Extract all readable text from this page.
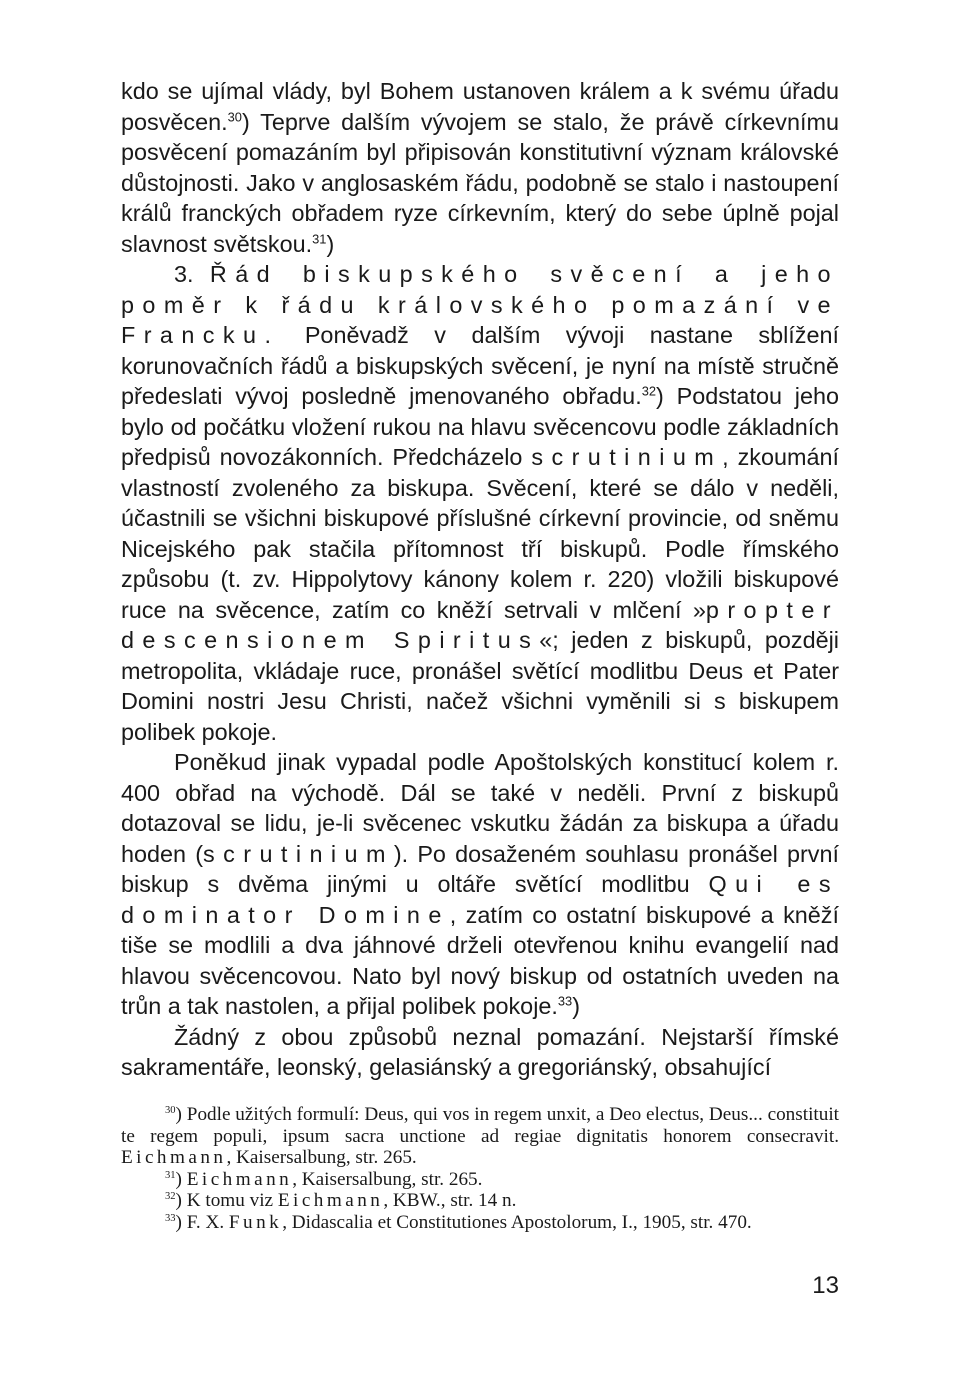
kdo se ujímal vlády, byl Bohem ustanoven králem a k svému úřadu posvěcen.$^{30}$) Teprve dalším vývojem se stalo, že právě církevnímu posvěcení pomazáním byl připisován konstitutivní význam královské důstojnosti. Jako v anglosaském řádu, podobně se stalo i nastoupení králů franckých obřadem ryze církevním, který do sebe úplně pojal slavnost světskou.$^{31}$)

3. Řád biskupského svěcení a jeho poměr k řádu královského pomazání ve Francku. Poněvadž v dalším vývoji nastane sblížení korunovačních řádů a biskupských svěcení, je nyní na místě stručně předeslati vývoj posledně jmenovaného obřadu.$^{32}$) Podstatou jeho bylo od počátku vložení rukou na hlavu svěcencovu podle základních předpisů novozákonních. Předcházelo scrutinium, zkoumání vlastností zvoleného za biskupa. Svěcení, které se dálo v neděli, účastnili se všichni biskupové příslušné církevní provincie, od sněmu Nicejského pak stačila přítomnost tří biskupů. Podle římského způsobu (t. zv. Hippolytovy kánony kolem r. 220) vložili biskupové ruce na svěcence, zatím co kněží setrvali v mlčení »propter descensionem Spiritus«; jeden z biskupů, později metropolita, vkládaje ruce, pronášel světící modlitbu Deus et Pater Domini nostri Jesu Christi, načež všichni vyměnili si s biskupem polibek pokoje.

Poněkud jinak vypadal podle Apoštolských konstitucí kolem r. 400 obřad na východě. Dál se také v neděli. První z biskupů dotazoval se lidu, je-li svěcenec vskutku žádán za biskupa a úřadu hoden (scrutinium). Po dosaženém souhlasu pronášel první biskup s dvěma jinými u oltáře světící modlitbu Qui es dominator Domine, zatím co ostatní biskupové a kněží tiše se modlili a dva jáhnové drželi otevřenou knihu evangelií nad hlavou svěcencovou. Nato byl nový biskup od ostatních uveden na trůn a tak nastolen, a přijal polibek pokoje.$^{33}$)

Žádný z obou způsobů neznal pomazání. Nejstarší římské sakramentáře, leonský, gelasiánský a gregoriánský, obsahující

$^{30}$) Podle užitých formulí: Deus, qui vos in regem unxit, a Deo electus, Deus... constituit te regem populi, ipsum sacra unctione ad regiae dignitatis honorem consecravit. Eichmann, Kaisersalbung, str. 265.

$^{31}$) Eichmann, Kaisersalbung, str. 265.

$^{32}$) K tomu viz Eichmann, KBW., str. 14 n.

$^{33}$) F. X. Funk, Didascalia et Constitutiones Apostolorum, I., 1905, str. 470.

13
